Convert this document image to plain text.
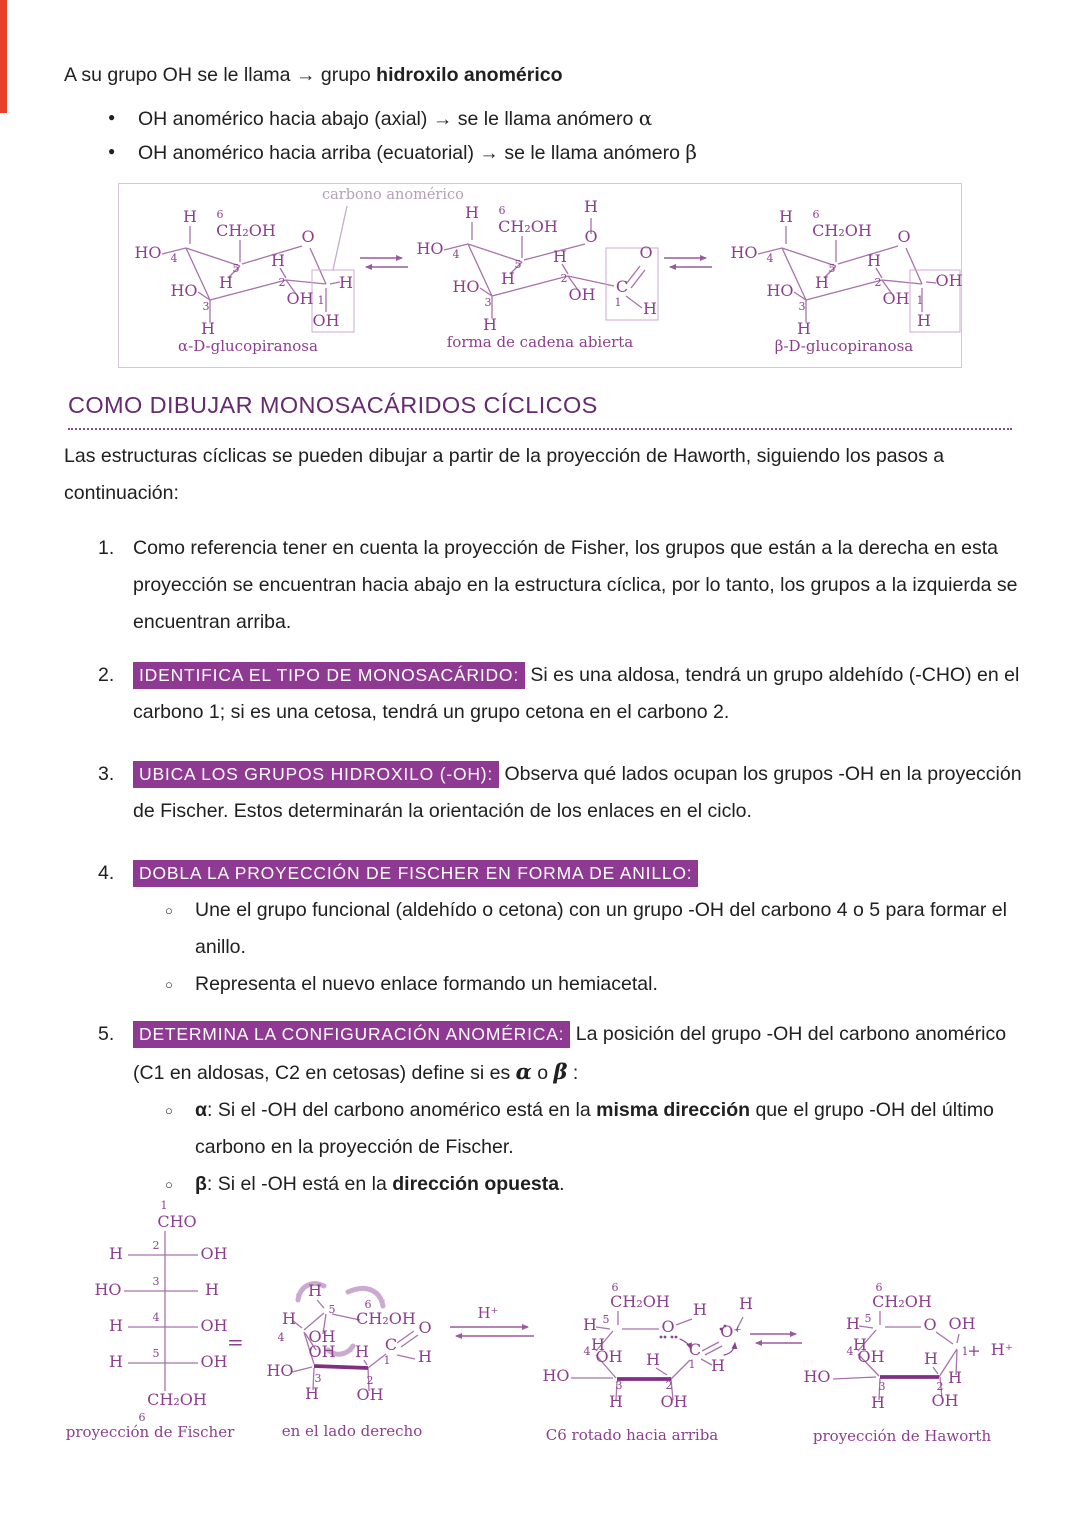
A su grupo OH se le llama → grupo hidroxilo anomérico
●	OH anomérico hacia abajo (axial) → se le llama anómero α
●	OH anomérico hacia arriba (ecuatorial) → se le llama anómero β
carbono anomérico
COMO DIBUJAR MONOSACÁRIDOS CÍCLICOS
Las estructuras cíclicas se pueden dibujar a partir de la proyección de Haworth, siguiendo los pasos a continuación:
1. Como referencia tener en cuenta la proyección de Fisher, los grupos que están a la derecha en esta proyección se encuentran hacia abajo en la estructura cíclica, por lo tanto, los grupos a la izquierda se encuentran arriba.
2.	IDENTIFICA EL TIPO DE MONOSACÁRIDO: Si es una aldosa, tendrá un grupo aldehído (-CHO) en el carbono 1; si es una cetosa, tendrá un grupo cetona en el carbono 2.
3.	UBICA LOS GRUPOS HIDROXILO (-OH): Observa qué lados ocupan los grupos -OH en la proyección de Fischer. Estos determinarán la orientación de los enlaces en el ciclo.
4.	DOBLA LA PROYECCIÓN DE FISCHER EN FORMA DE ANILLO:
○	Une el grupo funcional (aldehído o cetona) con un grupo -OH del carbono 4 o 5 para formar el anillo.
○	Representa el nuevo enlace formando un hemiacetal.
5.	DETERMINA LA CONFIGURACIÓN ANOMÉRICA: La posición del grupo -OH del carbono anomérico (C1 en aldosas, C2 en cetosas) define si es α o β :
○	α: Si el -OH del carbono anomérico está en la misma dirección que el grupo -OH del último carbono en la proyección de Fischer.
○	β: Si el -OH está en la dirección opuesta.
=
H 6
CH₂OH O
HO 4
5
H
H
HO	2
OH
3
H
H
1
OH
α-D-glucopiranosa
H 6
CH₂OH
H
O
HO 4
5
H
H
HO	2
OH
3
H
C
1
O
H
forma de cadena abierta
H 6
CH₂OH O
HO 4
5
H
H
HO	2
OH
3
H
OH
1
H
β-D-glucopiranosa
1
CHO
2
H	OH
3
HO	H
4
H	OH
5
H	OH
CH₂OH
6
proyección de Fischer
H
5	6
CH₂OH O
H
4 OH
OH H C
1 H
HO 3	2
H OH
en el lado derecho
H⁺
6
CH₂OH
H 5	O
H H
O⁺
C
1 H
4 H
OH H
HO
3	2
H OH
C6 rotado hacia arriba
6
CH₂OH
H 5	O OH
4 H
OH H 1
+ H⁺
HO
3	2
H
H
OH
proyección de Haworth
